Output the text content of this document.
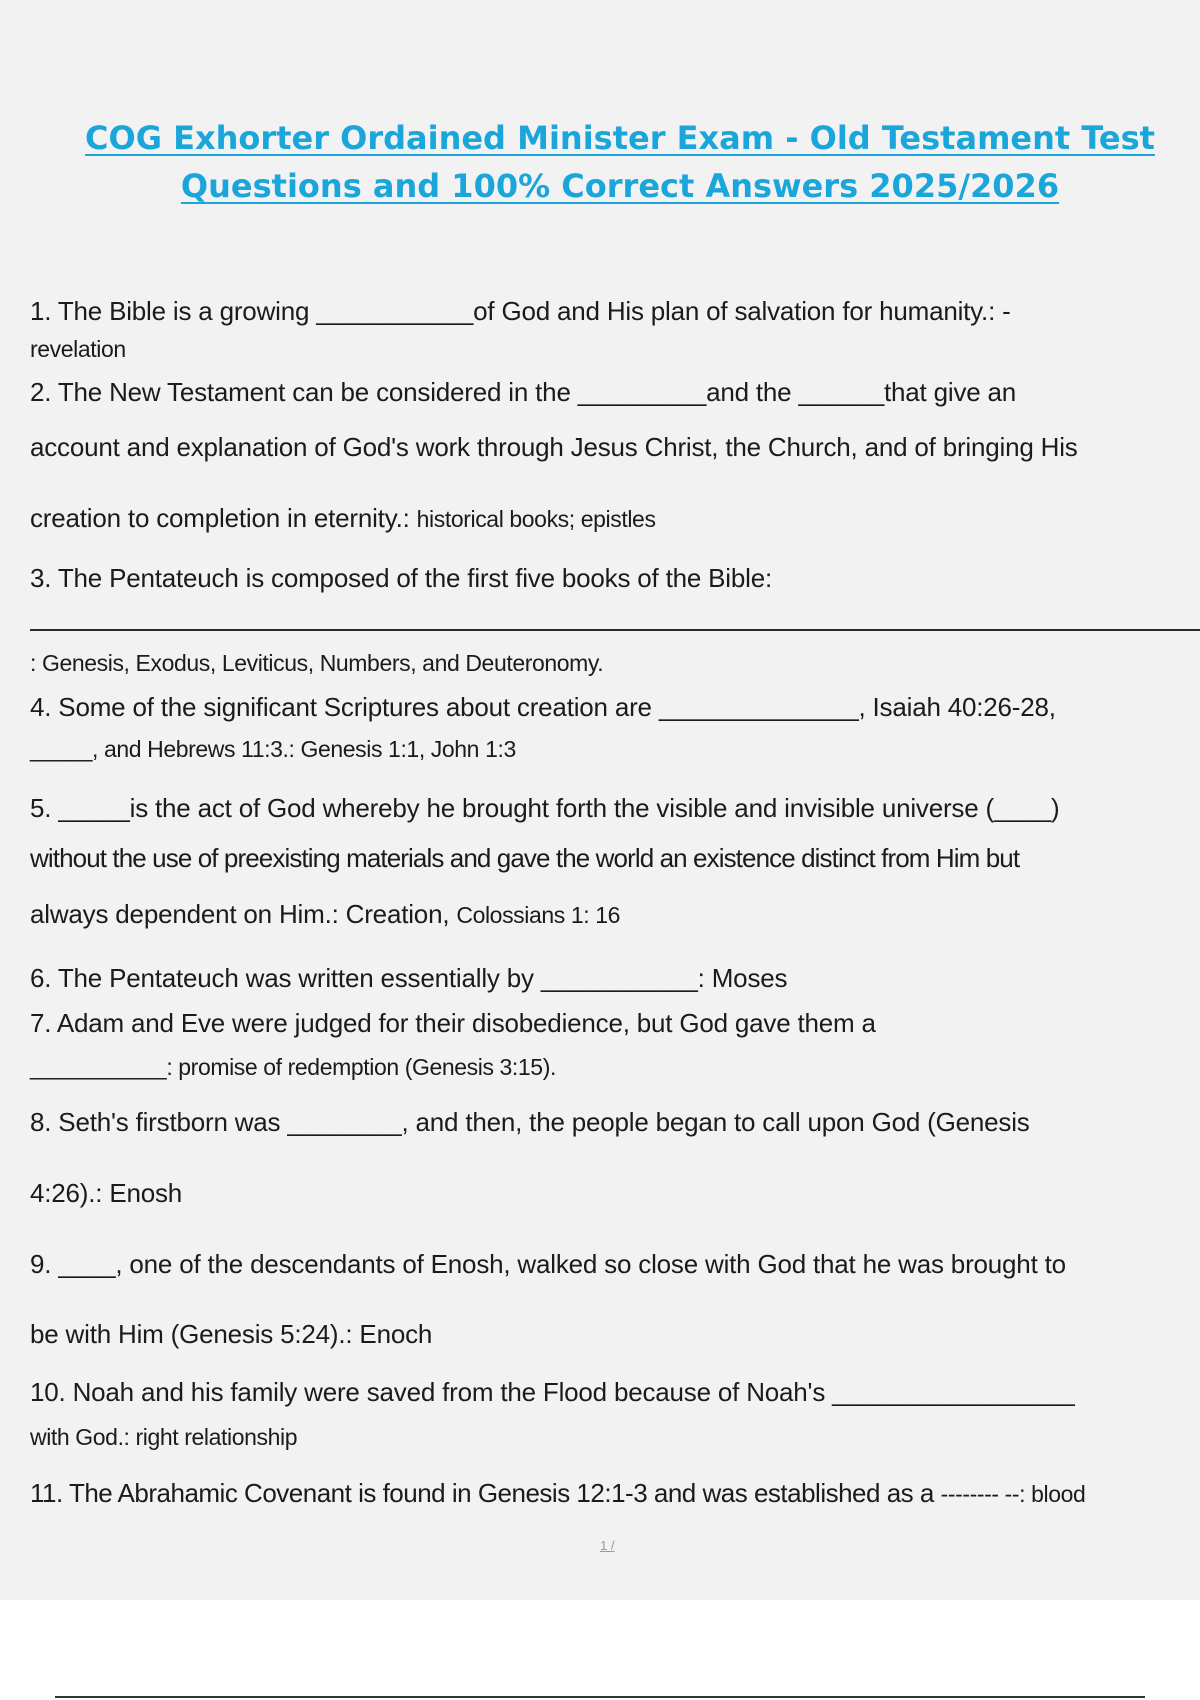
COG Exhorter Ordained Minister Exam - Old Testament Test
Questions and 100% Correct Answers 2025/2026
1. The Bible is a growing ___________of God and His plan of salvation for humanity.: -
revelation
2. The New Testament can be considered in the _________and the ______that give an
account and explanation of God's work through Jesus Christ, the Church, and of bringing His
creation to completion in eternity.: historical books; epistles
3. The Pentateuch is composed of the first five books of the Bible:
: Genesis, Exodus, Leviticus, Numbers, and Deuteronomy.
4. Some of the significant Scriptures about creation are ______________, Isaiah 40:26-28,
_____, and Hebrews 11:3.: Genesis 1:1, John 1:3
5. _____is the act of God whereby he brought forth the visible and invisible universe (____)
without the use of preexisting materials and gave the world an existence distinct from Him but
always dependent on Him.: Creation, Colossians 1: 16
6. The Pentateuch was written essentially by ___________: Moses
7. Adam and Eve were judged for their disobedience, but God gave them a
___________: promise of redemption (Genesis 3:15).
8. Seth's firstborn was ________, and then, the people began to call upon God (Genesis
4:26).: Enosh
9. ____, one of the descendants of Enosh, walked so close with God that he was brought to
be with Him (Genesis 5:24).: Enoch
10. Noah and his family were saved from the Flood because of Noah's _________________
with God.: right relationship
11. The Abrahamic Covenant is found in Genesis 12:1-3 and was established as a -------- --: blood
1 /
